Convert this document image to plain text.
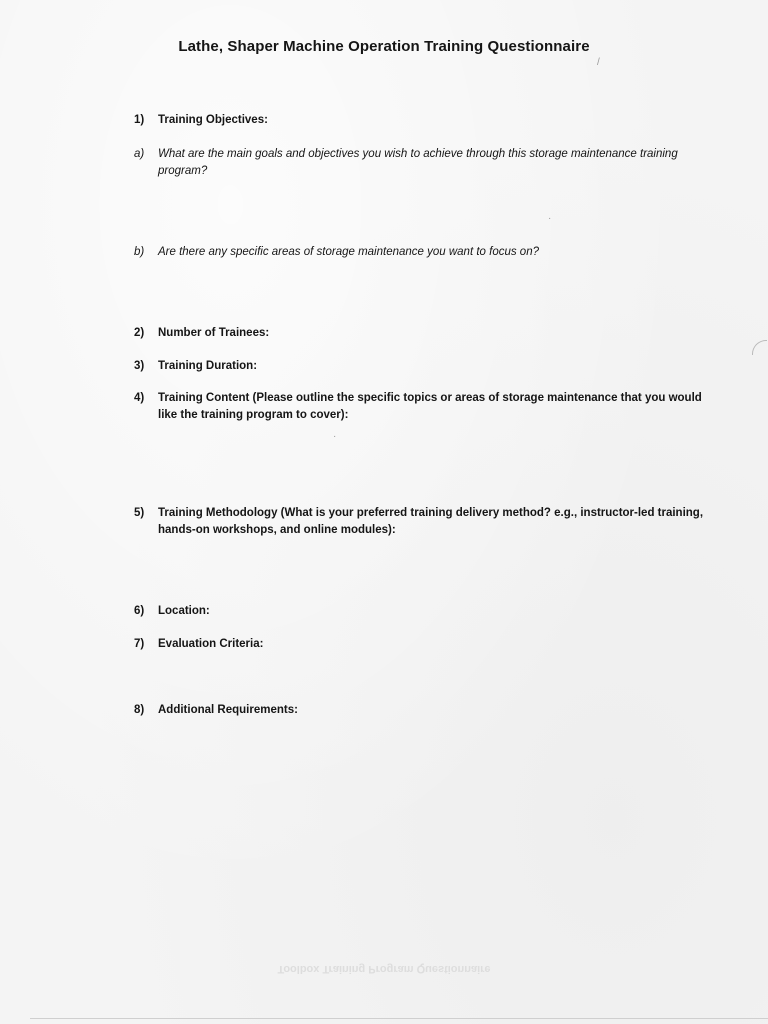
Lathe, Shaper Machine Operation Training Questionnaire
1) Training Objectives:
a) What are the main goals and objectives you wish to achieve through this storage maintenance training program?
b) Are there any specific areas of storage maintenance you want to focus on?
2) Number of Trainees:
3) Training Duration:
4) Training Content (Please outline the specific topics or areas of storage maintenance that you would like the training program to cover):
5) Training Methodology (What is your preferred training delivery method? e.g., instructor-led training, hands-on workshops, and online modules):
6) Location:
7) Evaluation Criteria:
8) Additional Requirements:
Toolbox Training Program Questionnaire
/
·
·
